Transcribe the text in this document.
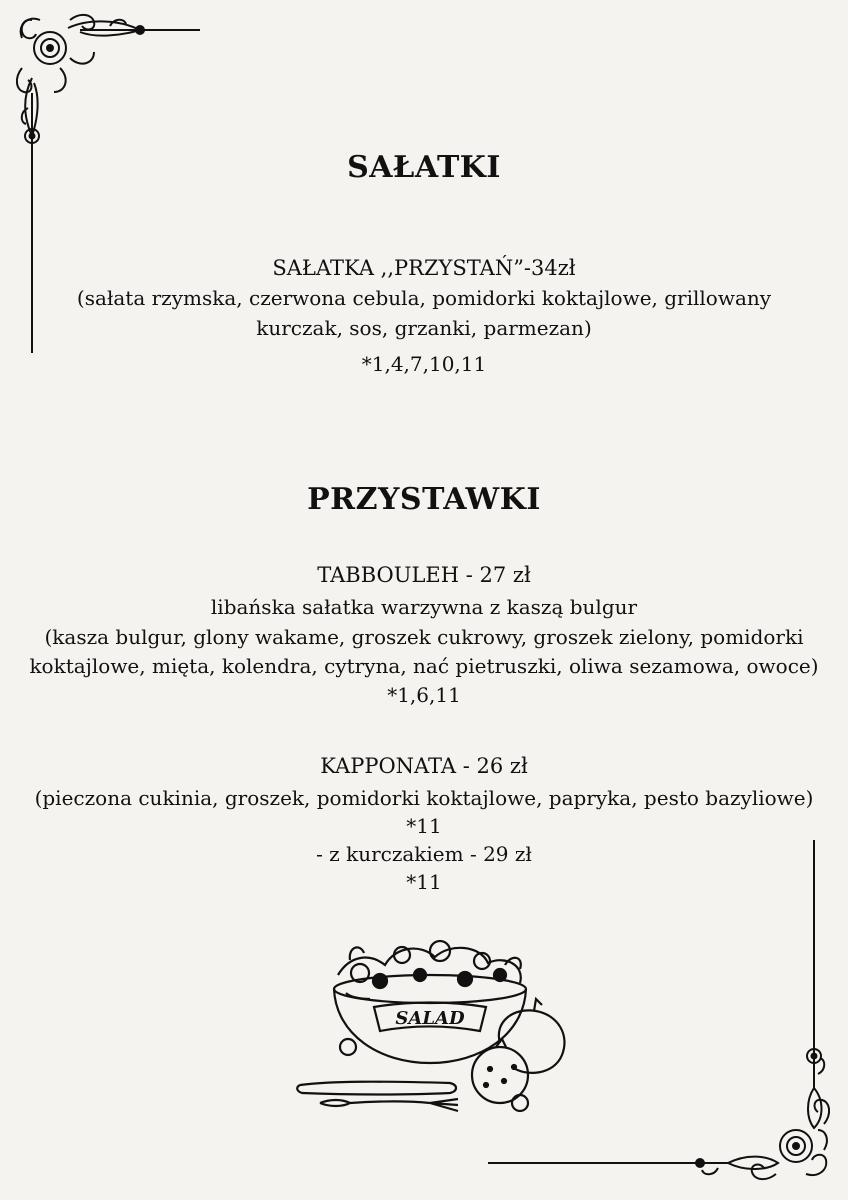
SAŁATKI
SAŁATKA ,,PRZYSTAŃ”-34zł
(sałata rzymska, czerwona cebula, pomidorki koktajlowe, grillowany
kurczak, sos, grzanki, parmezan)
*1,4,7,10,11
PRZYSTAWKI
TABBOULEH - 27 zł
libańska sałatka warzywna z kaszą bulgur
(kasza bulgur, glony wakame, groszek cukrowy, groszek zielony, pomidorki
koktajlowe, mięta, kolendra, cytryna, nać pietruszki, oliwa sezamowa, owoce)
*1,6,11
KAPPONATA - 26 zł
(pieczona cukinia, groszek, pomidorki koktajlowe, papryka, pesto bazyliowe)
*11
- z kurczakiem - 29 zł
*11
SALAD
